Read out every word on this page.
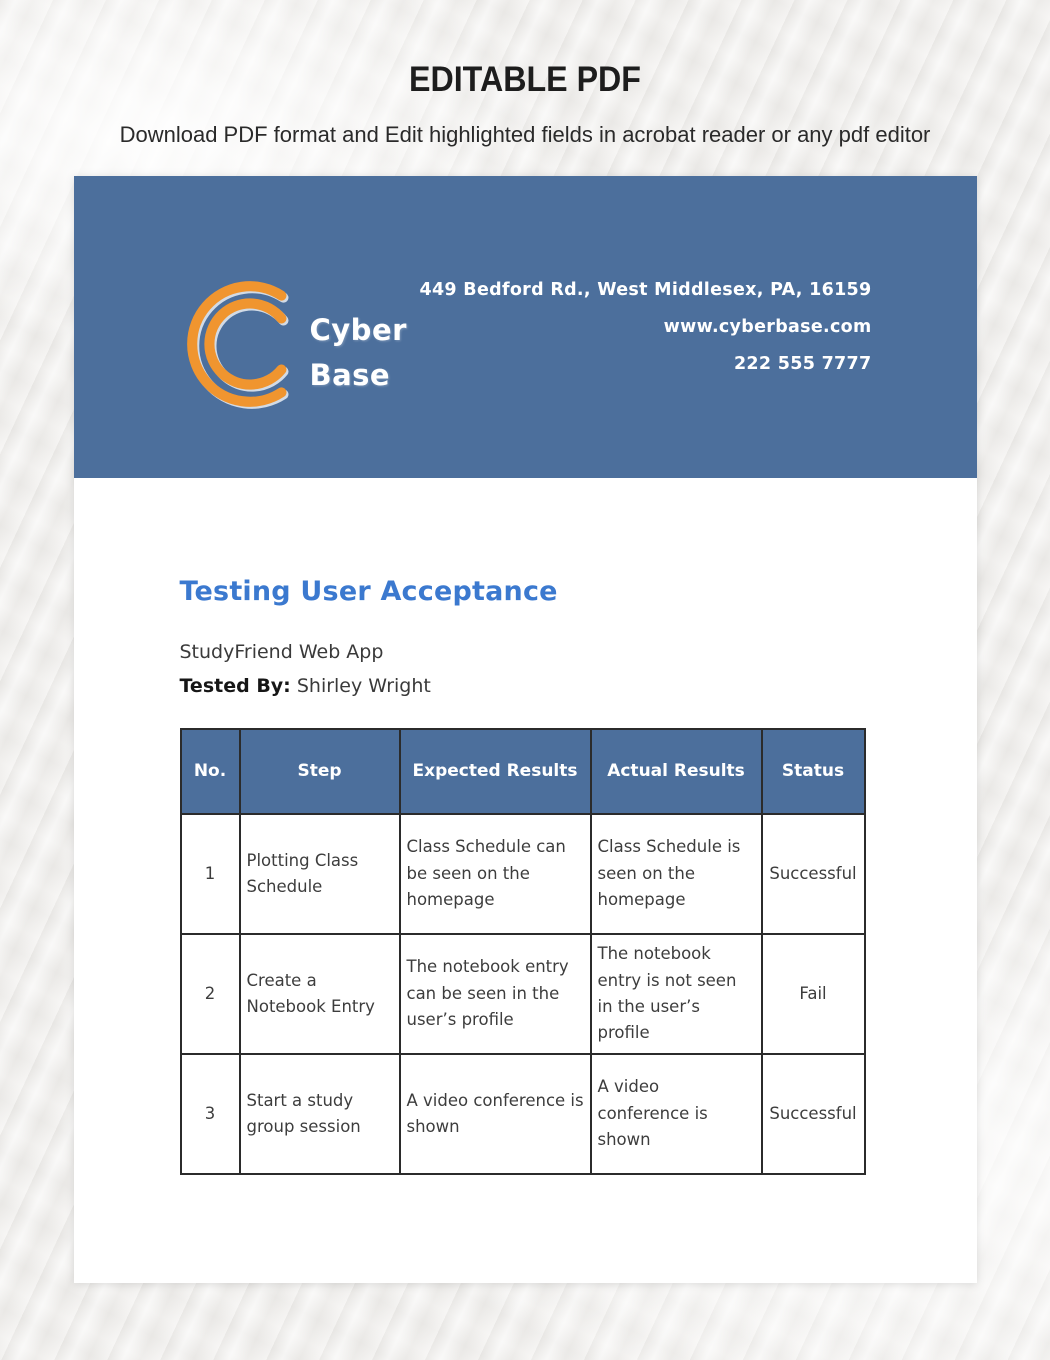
EDITABLE PDF
Download PDF format and Edit highlighted fields in acrobat reader or any pdf editor
Cyber
Base
449 Bedford Rd., West Middlesex, PA, 16159
www.cyberbase.com
222 555 7777
Testing User Acceptance
StudyFriend Web App
Tested By: Shirley Wright
No.	Step	Expected Results	Actual Results	Status
1	Plotting Class Schedule	Class Schedule can be seen on the homepage	Class Schedule is seen on the homepage	Successful
2	Create a Notebook Entry	The notebook entry can be seen in the user’s profile	The notebook entry is not seen in the user’s profile	Fail
3	Start a study group session	A video conference is shown	A video conference is shown	Successful
